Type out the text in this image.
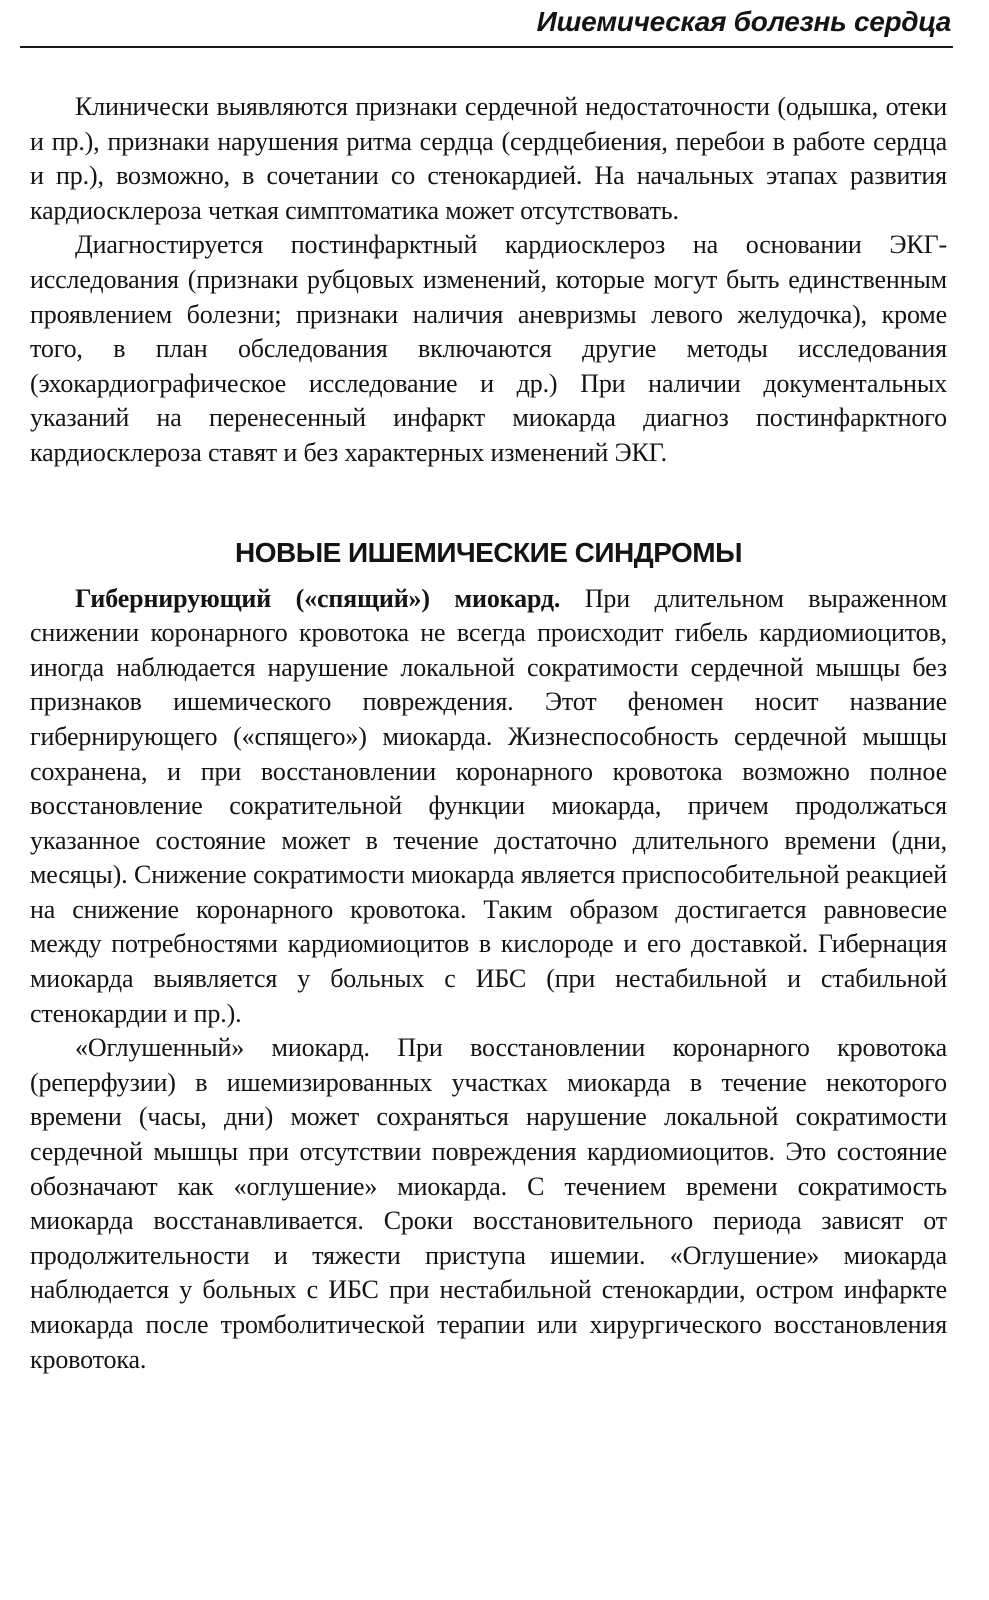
Ишемическая болезнь сердца

Клинически выявляются признаки сердечной недостаточности (одышка, отеки и пр.), признаки нарушения ритма сердца (сердцебиения, перебои в работе сердца и пр.), возможно, в сочетании со стенокардией. На начальных этапах развития кардиосклероза четкая симптоматика может отсутствовать.

Диагностируется постинфарктный кардиосклероз на основании ЭКГ-исследования (признаки рубцовых изменений, которые могут быть единственным проявлением болезни; признаки наличия аневризмы левого желудочка), кроме того, в план обследования включаются другие методы исследования (эхокардиографическое исследование и др.) При наличии документальных указаний на перенесенный инфаркт миокарда диагноз постинфарктного кардиосклероза ставят и без характерных изменений ЭКГ.

НОВЫЕ ИШЕМИЧЕСКИЕ СИНДРОМЫ

Гибернирующий («спящий») миокард. При длительном выраженном снижении коронарного кровотока не всегда происходит гибель кардиомиоцитов, иногда наблюдается нарушение локальной сократимости сердечной мышцы без признаков ишемического повреждения. Этот феномен носит название гибернирующего («спящего») миокарда. Жизнеспособность сердечной мышцы сохранена, и при восстановлении коронарного кровотока возможно полное восстановление сократительной функции миокарда, причем продолжаться указанное состояние может в течение достаточно длительного времени (дни, месяцы). Снижение сократимости миокарда является приспособительной реакцией на снижение коронарного кровотока. Таким образом достигается равновесие между потребностями кардиомиоцитов в кислороде и его доставкой. Гибернация миокарда выявляется у больных с ИБС (при нестабильной и стабильной стенокардии и пр.).

«Оглушенный» миокард. При восстановлении коронарного кровотока (реперфузии) в ишемизированных участках миокарда в течение некоторого времени (часы, дни) может сохраняться нарушение локальной сократимости сердечной мышцы при отсутствии повреждения кардиомиоцитов. Это состояние обозначают как «оглушение» миокарда. С течением времени сократимость миокарда восстанавливается. Сроки восстановительного периода зависят от продолжительности и тяжести приступа ишемии. «Оглушение» миокарда наблюдается у больных с ИБС при нестабильной стенокардии, остром инфаркте миокарда после тромболитической терапии или хирургического восстановления кровотока.
